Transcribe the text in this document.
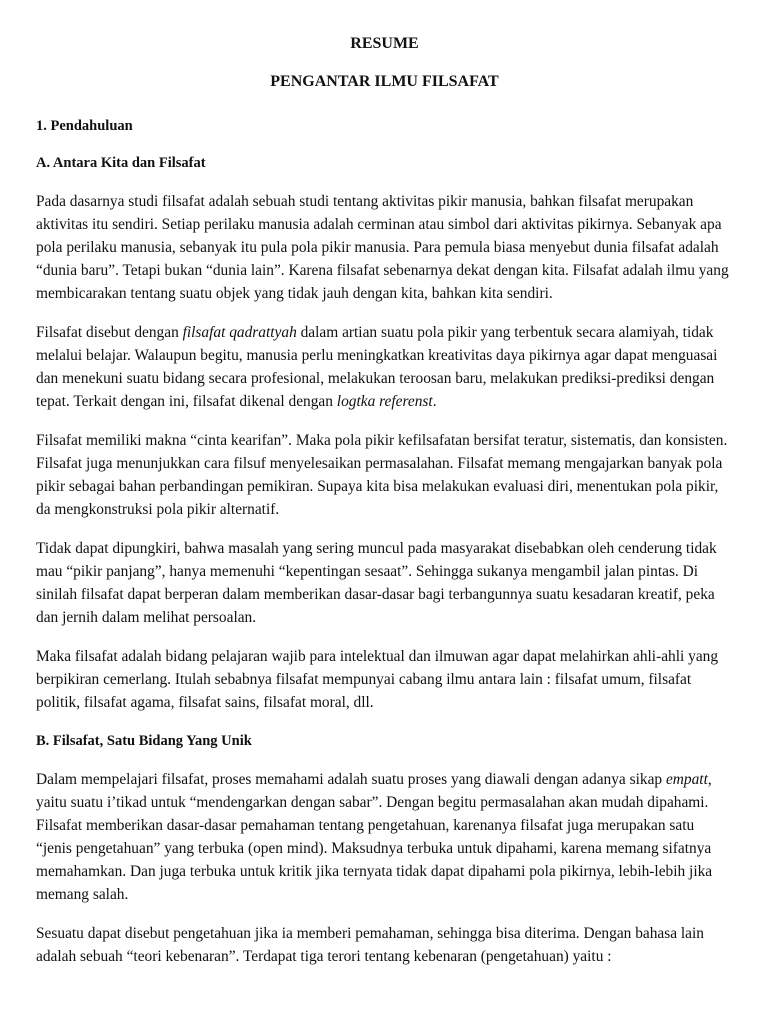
RESUME
PENGANTAR ILMU FILSAFAT
1. Pendahuluan
A. Antara Kita dan Filsafat

Pada dasarnya studi filsafat adalah sebuah studi tentang aktivitas pikir manusia, bahkan filsafat merupakan aktivitas itu sendiri. Setiap perilaku manusia adalah cerminan atau simbol dari aktivitas pikirnya. Sebanyak apa pola perilaku manusia, sebanyak itu pula pola pikir manusia. Para pemula biasa menyebut dunia filsafat adalah “dunia baru”. Tetapi bukan “dunia lain”. Karena filsafat sebenarnya dekat dengan kita. Filsafat adalah ilmu yang membicarakan tentang suatu objek yang tidak jauh dengan kita, bahkan kita sendiri.

Filsafat disebut dengan filsafat qadrattyah dalam artian suatu pola pikir yang terbentuk secara alamiyah, tidak melalui belajar. Walaupun begitu, manusia perlu meningkatkan kreativitas daya pikirnya agar dapat menguasai dan menekuni suatu bidang secara profesional, melakukan teroosan baru, melakukan prediksi-prediksi dengan tepat. Terkait dengan ini, filsafat dikenal dengan logtka referenst.

Filsafat memiliki makna “cinta kearifan”. Maka pola pikir kefilsafatan bersifat teratur, sistematis, dan konsisten. Filsafat juga menunjukkan cara filsuf menyelesaikan permasalahan. Filsafat memang mengajarkan banyak pola pikir sebagai bahan perbandingan pemikiran. Supaya kita bisa melakukan evaluasi diri, menentukan pola pikir, da mengkonstruksi pola pikir alternatif.

Tidak dapat dipungkiri, bahwa masalah yang sering muncul pada masyarakat disebabkan oleh cenderung tidak mau “pikir panjang”, hanya memenuhi “kepentingan sesaat”. Sehingga sukanya mengambil jalan pintas. Di sinilah filsafat dapat berperan dalam memberikan dasar-dasar bagi terbangunnya suatu kesadaran kreatif, peka dan jernih dalam melihat persoalan.

Maka filsafat adalah bidang pelajaran wajib para intelektual dan ilmuwan agar dapat melahirkan ahli-ahli yang berpikiran cemerlang. Itulah sebabnya filsafat mempunyai cabang ilmu antara lain : filsafat umum, filsafat politik, filsafat agama, filsafat sains, filsafat moral, dll.

B. Filsafat, Satu Bidang Yang Unik

Dalam mempelajari filsafat, proses memahami adalah suatu proses yang diawali dengan adanya sikap empatt, yaitu suatu i’tikad untuk “mendengarkan dengan sabar”. Dengan begitu permasalahan akan mudah dipahami. Filsafat memberikan dasar-dasar pemahaman tentang pengetahuan, karenanya filsafat juga merupakan satu “jenis pengetahuan” yang terbuka (open mind). Maksudnya terbuka untuk dipahami, karena memang sifatnya memahamkan. Dan juga terbuka untuk kritik jika ternyata tidak dapat dipahami pola pikirnya, lebih-lebih jika memang salah.

Sesuatu dapat disebut pengetahuan jika ia memberi pemahaman, sehingga bisa diterima. Dengan bahasa lain adalah sebuah “teori kebenaran”. Terdapat tiga terori tentang kebenaran (pengetahuan) yaitu :
